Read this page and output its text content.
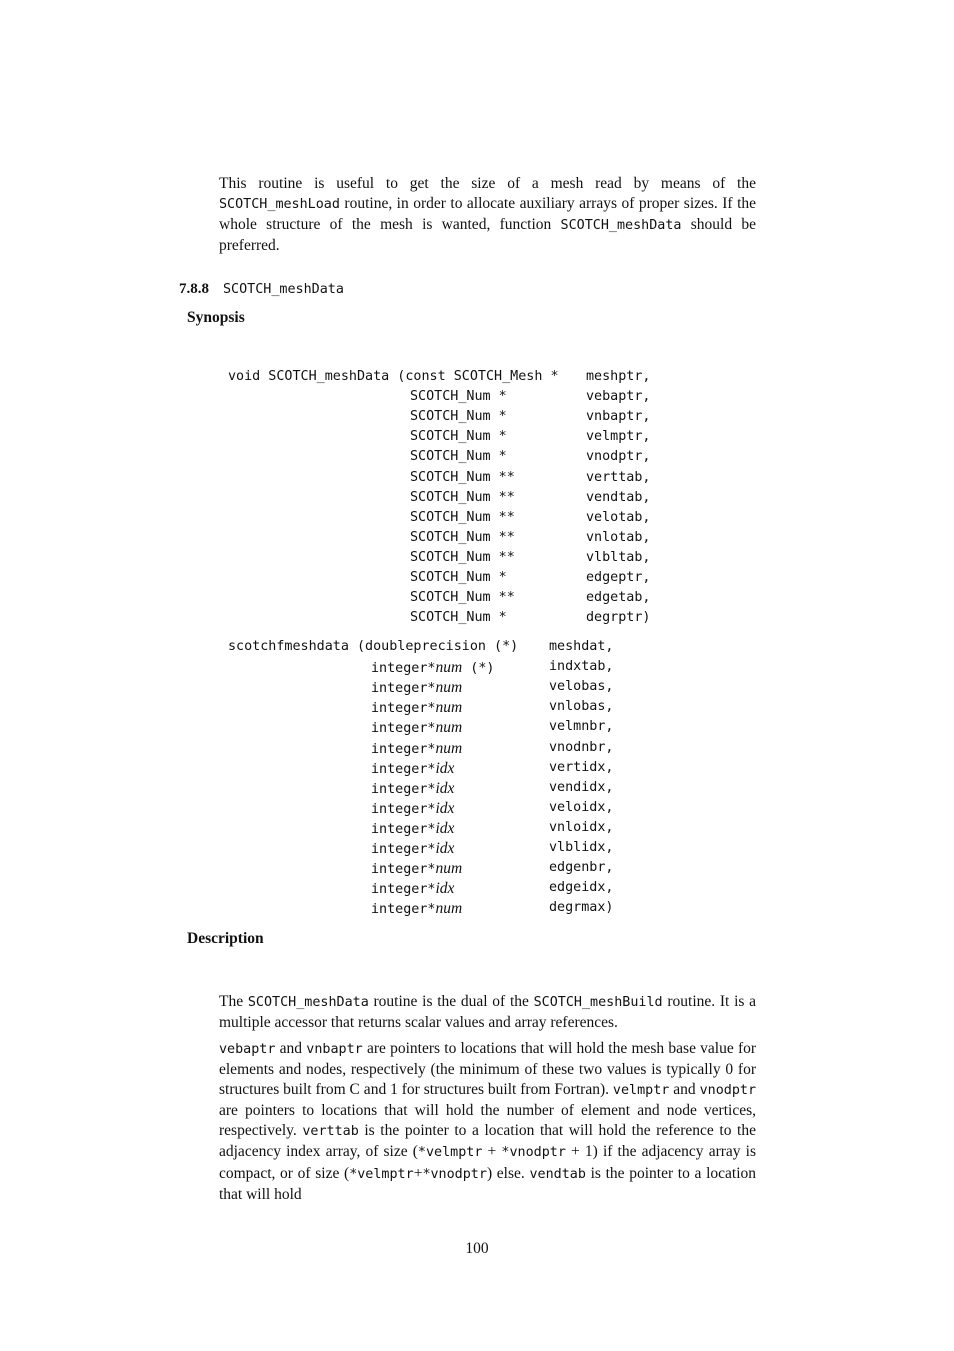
This routine is useful to get the size of a mesh read by means of the SCOTCH_meshLoad routine, in order to allocate auxiliary arrays of proper sizes. If the whole structure of the mesh is wanted, function SCOTCH_meshData should be preferred.

7.8.8 SCOTCH_meshData
Synopsis
void SCOTCH_meshData (const SCOTCH_Mesh * meshptr,
SCOTCH_Num *	vebaptr,
SCOTCH_Num *	vnbaptr,
SCOTCH_Num *	velmptr,
SCOTCH_Num *	vnodptr,
SCOTCH_Num **	verttab,
SCOTCH_Num **	vendtab,
SCOTCH_Num **	velotab,
SCOTCH_Num **	vnlotab,
SCOTCH_Num **	vlbltab,
SCOTCH_Num *	edgeptr,
SCOTCH_Num **	edgetab,
SCOTCH_Num *	degrptr)
scotchfmeshdata (doubleprecision (*) meshdat,
integer*num (*)	indxtab,
integer*num	velobas,
integer*num	vnlobas,
integer*num	velmnbr,
integer*num	vnodnbr,
integer*idx	vertidx,
integer*idx	vendidx,
integer*idx	veloidx,
integer*idx	vnloidx,
integer*idx	vlblidx,
integer*num	edgenbr,
integer*idx	edgeidx,
integer*num	degrmax)
Description

The SCOTCH_meshData routine is the dual of the SCOTCH_meshBuild routine. It is a multiple accessor that returns scalar values and array references.

vebaptr and vnbaptr are pointers to locations that will hold the mesh base value for elements and nodes, respectively (the minimum of these two values is typically 0 for structures built from C and 1 for structures built from Fortran). velmptr and vnodptr are pointers to locations that will hold the number of element and node vertices, respectively. verttab is the pointer to a location that will hold the reference to the adjacency index array, of size (*velmptr + *vnodptr + 1) if the adjacency array is compact, or of size (*velmptr+*vnodptr) else. vendtab is the pointer to a location that will hold

100
